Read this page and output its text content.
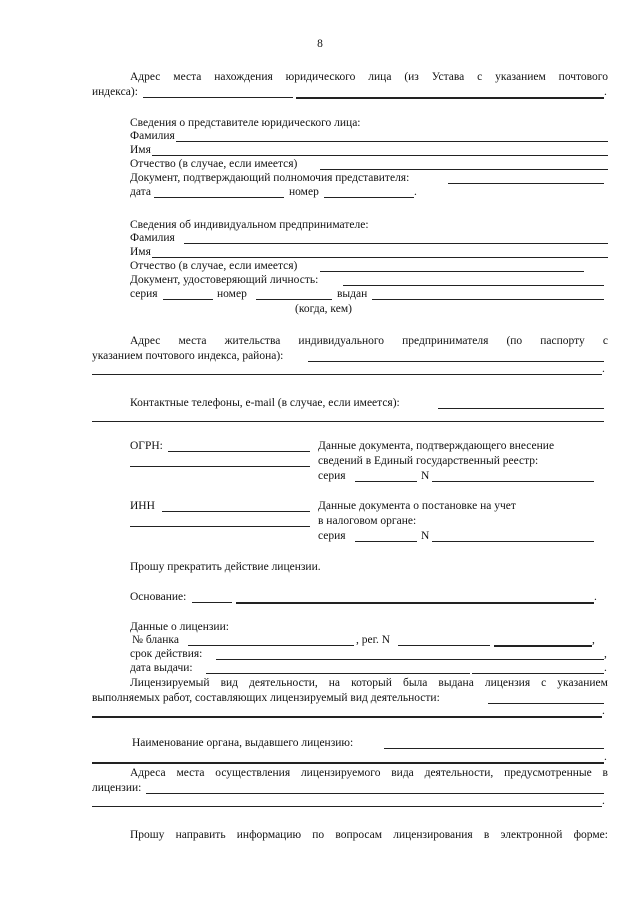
8
Адрес места нахождения юридического лица (из Устава с указанием почтового
индекса):	.
Сведения о представителе юридического лица:
Фамилия
Имя
Отчество (в случае, если имеется)
Документ, подтверждающий полномочия представителя:
дата	номер	.
Сведения об индивидуальном предпринимателе:
Фамилия
Имя
Отчество (в случае, если имеется)
Документ, удостоверяющий личность:
серия	номер	выдан
(когда, кем)
Адрес места жительства индивидуального предпринимателя (по паспорту с
указанием почтового индекса, района):
.
Контактные телефоны, e-mail (в случае, если имеется):
ОГРН:	Данные документа, подтверждающего внесение
сведений в Единый государственный реестр:
серия	N
ИНН	Данные документа о постановке на учет
в налоговом органе:
серия	N
Прошу прекратить действие лицензии.
Основание:	.
Данные о лицензии:
№ бланка	, рег. N	,
срок действия:	,
дата выдачи:	.
Лицензируемый вид деятельности, на который была выдана лицензия с указанием
выполняемых работ, составляющих лицензируемый вид деятельности:
.
Наименование органа, выдавшего лицензию:
.
Адреса места осуществления лицензируемого вида деятельности, предусмотренные в
лицензии:
.
Прошу направить информацию по вопросам лицензирования в электронной форме:
